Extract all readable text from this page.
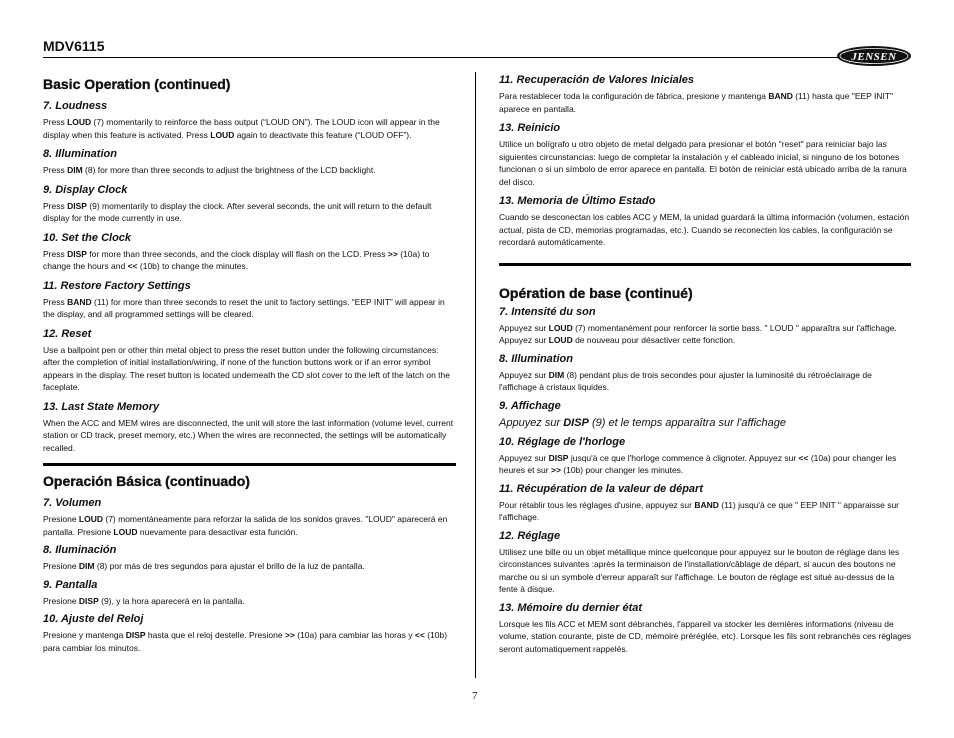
MDV6115
JENSEN
Basic Operation (continued)
7. Loudness

Press LOUD (7) momentarily to reinforce the bass output (“LOUD ON”). The LOUD icon will appear in the display when this feature is activated. Press LOUD again to deactivate this feature (“LOUD OFF”).

8. Illumination

Press DIM (8) for more than three seconds to adjust the brightness of the LCD backlight.

9. Display Clock

Press DISP (9) momentarily to display the clock. After several seconds, the unit will return to the default display for the mode currently in use.

10. Set the Clock

Press DISP for more than three seconds, and the clock display will flash on the LCD. Press >> (10a) to change the hours and << (10b) to change the minutes.

11. Restore Factory Settings

Press BAND (11) for more than three seconds to reset the unit to factory settings. “EEP INIT” will appear in the display, and all programmed settings will be cleared.

12. Reset

Use a ballpoint pen or other thin metal object to press the reset button under the following circumstances: after the completion of initial installation/wiring, if none of the function buttons work or if an error symbol appears in the display. The reset button is located underneath the CD slot cover to the left of the latch on the faceplate.

13. Last State Memory

When the ACC and MEM wires are disconnected, the unit will store the last information (volume level, current station or CD track, preset memory, etc.) When the wires are reconnected, the settings will be automatically recalled.

Operación Básica (continuado)
7. Volumen

Presione LOUD (7) momentáneamente para reforzar la salida de los sonidos graves. "LOUD" aparecerá en pantalla. Presione LOUD nuevamente para desactivar esta función.

8. Iluminación

Presione DIM (8) por más de tres segundos para ajustar el brillo de la luz de pantalla.

9. Pantalla

Presione DISP (9), y la hora aparecerá en la pantalla.

10. Ajuste del Reloj

Presione y mantenga DISP hasta que el reloj destelle. Presione >> (10a) para cambiar las horas y << (10b) para cambiar los minutos.

11. Recuperación de Valores Iniciales

Para restablecer toda la configuración de fábrica, presione y mantenga BAND (11) hasta que "EEP INIT" aparece en pantalla.

13. Reinicio

Utilice un bolígrafo u otro objeto de metal delgado para presionar el botón "reset" para reiniciar bajo las siguientes circunstancias: luego de completar la instalación y el cableado inicial, si ninguno de los botones funcionan o si un símbolo de error aparece en pantalla. El botón de reiniciar está ubicado arriba de la ranura del disco.

13. Memoria de Último Estado

Cuando se desconectan los cables ACC y MEM, la unidad guardará la última información (volumen, estación actual, pista de CD, memorias programadas, etc.). Cuando se reconecten los cables, la configuración se recordará automáticamente.

Opération de base (continué)
7. Intensité du son

Appuyez sur LOUD (7) momentanément pour renforcer la sortie bass. " LOUD " apparaîtra sur l'affichage. Appuyez sur LOUD de nouveau pour désactiver cette fonction.

8. Illumination

Appuyez sur DIM (8) pendant plus de trois secondes pour ajuster la luminosité du rétroéclairage de l'affichage à cristaux liquides.

9. Affichage

Appuyez sur DISP (9) et le temps apparaîtra sur l'affichage

10. Réglage de l'horloge

Appuyez sur DISP jusqu'à ce que l'horloge commence à clignoter. Appuyez sur << (10a) pour changer les heures et sur >> (10b) pour changer les minutes.

11. Récupération de la valeur de départ

Pour rétablir tous les réglages d'usine, appuyez sur BAND (11) jusqu'à ce que " EEP INIT " apparaisse sur l'affichage.

12. Réglage

Utilisez une bille ou un objet métallique mince quelconque pour appuyez sur le bouton de réglage dans les circonstances suivantes :après la terminaison de l'installation/câblage de départ, si aucun des boutons ne marche ou si un symbole d'erreur apparaît sur l'affichage. Le bouton de réglage est situé au-dessus de la fente à disque.

13. Mémoire du dernier état

Lorsque les fils ACC et MEM sont débranchés, l'appareil va stocker les dernières informations (niveau de volume, station courante, piste de CD, mémoire préréglée, etc). Lorsque les fils sont rebranchés ces réglages seront automatiquement rappelés.

7
